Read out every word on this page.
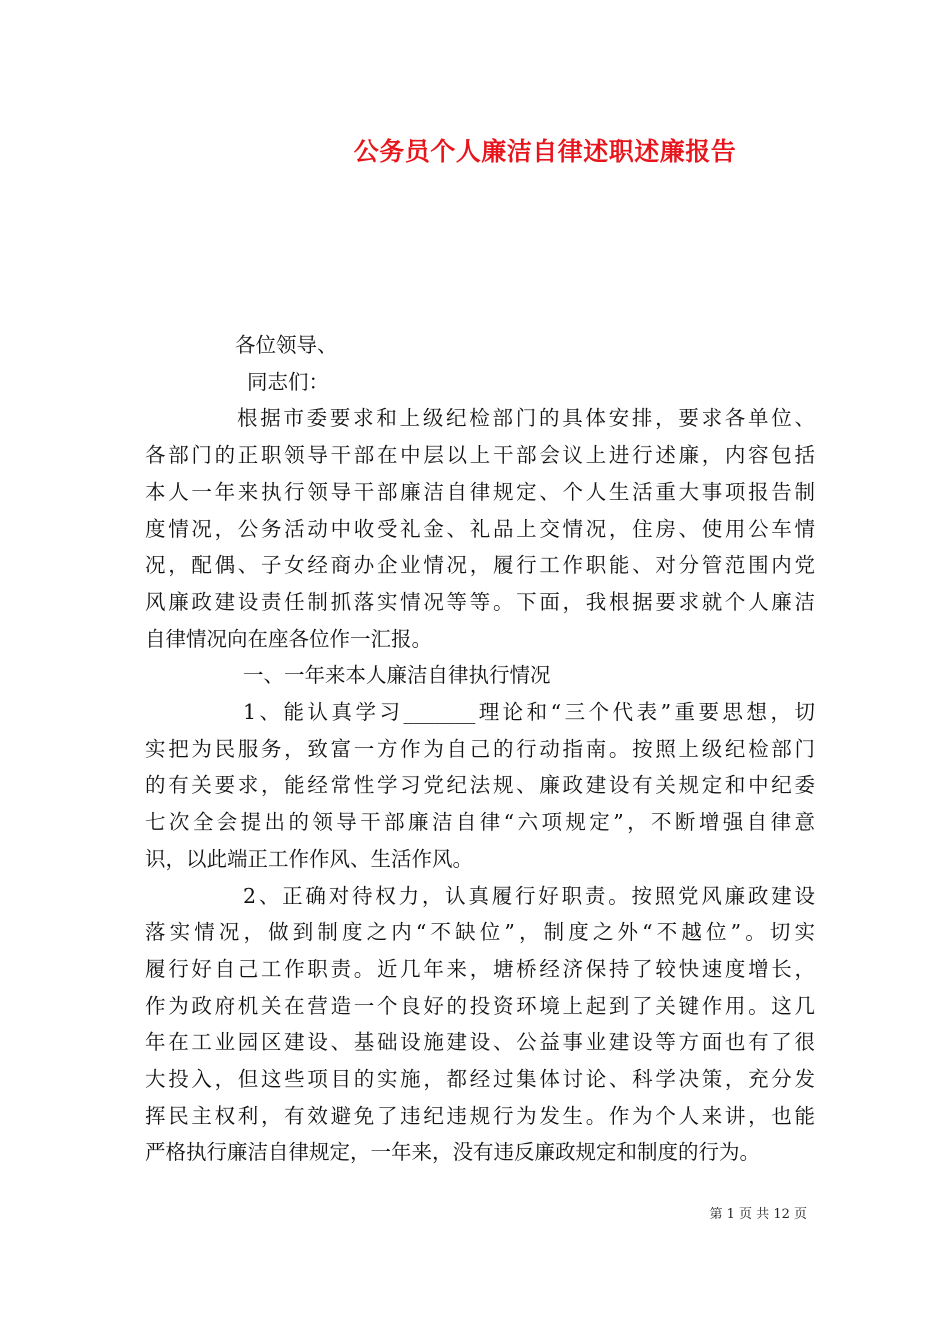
公务员个人廉洁自律述职述廉报告

各位领导、

同志们：

根据市委要求和上级纪检部门的具体安排，要求各单位、

各部门的正职领导干部在中层以上干部会议上进行述廉，内容包括

本人一年来执行领导干部廉洁自律规定、个人生活重大事项报告制

度情况，公务活动中收受礼金、礼品上交情况，住房、使用公车情

况，配偶、子女经商办企业情况，履行工作职能、对分管范围内党

风廉政建设责任制抓落实情况等等。下面，我根据要求就个人廉洁

自律情况向在座各位作一汇报。

一、一年来本人廉洁自律执行情况

1、能认真学习_______理论和“三个代表”重要思想，切

实把为民服务，致富一方作为自己的行动指南。按照上级纪检部门

的有关要求，能经常性学习党纪法规、廉政建设有关规定和中纪委

七次全会提出的领导干部廉洁自律“六项规定”，不断增强自律意

识，以此端正工作作风、生活作风。

2、正确对待权力，认真履行好职责。按照党风廉政建设

落实情况，做到制度之内“不缺位”，制度之外“不越位”。切实

履行好自己工作职责。近几年来，塘桥经济保持了较快速度增长，

作为政府机关在营造一个良好的投资环境上起到了关键作用。这几

年在工业园区建设、基础设施建设、公益事业建设等方面也有了很

大投入，但这些项目的实施，都经过集体讨论、科学决策，充分发

挥民主权利，有效避免了违纪违规行为发生。作为个人来讲，也能

严格执行廉洁自律规定，一年来，没有违反廉政规定和制度的行为。

第 1 页 共 12 页
